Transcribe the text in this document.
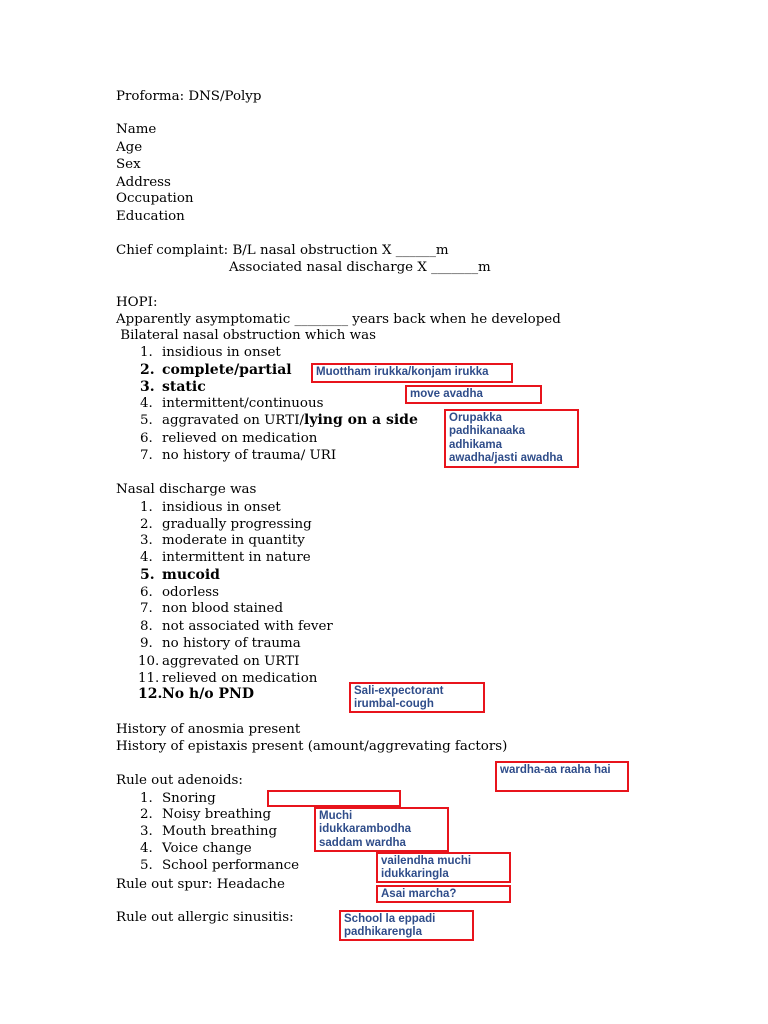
Proforma: DNS/Polyp
Name
Age
Sex
Address
Occupation
Education
Chief complaint: B/L nasal obstruction X ______m
Associated nasal discharge X _______m
HOPI:
Apparently asymptomatic ________ years back when he developed
Bilateral nasal obstruction which was
1. insidious in onset
2. complete/partial
3. static
4. intermittent/continuous
5. aggravated on URTI/lying on a side
6. relieved on medication
7. no history of trauma/ URI
Nasal discharge was
1. insidious in onset
2. gradually progressing
3. moderate in quantity
4. intermittent in nature
5. mucoid
6. odorless
7. non blood stained
8. not associated with fever
9. no history of trauma
10. aggrevated on URTI
11. relieved on medication
12. No h/o PND
History of anosmia present
History of epistaxis present (amount/aggrevating factors)
Rule out adenoids:
1. Snoring
2. Noisy breathing
3. Mouth breathing
4. Voice change
5. School performance
Rule out spur: Headache
Rule out allergic sinusitis:
Muottham irukka/konjam irukka
move avadha
Orupakka
padhikanaaka
adhikama
awadha/jasti awadha
Sali-expectorant
irumbal-cough
wardha-aa raaha hai
Muchi
idukkarambodha
saddam wardha
vailendha muchi
idukkaringla
Asai marcha?
School la eppadi
padhikarengla
